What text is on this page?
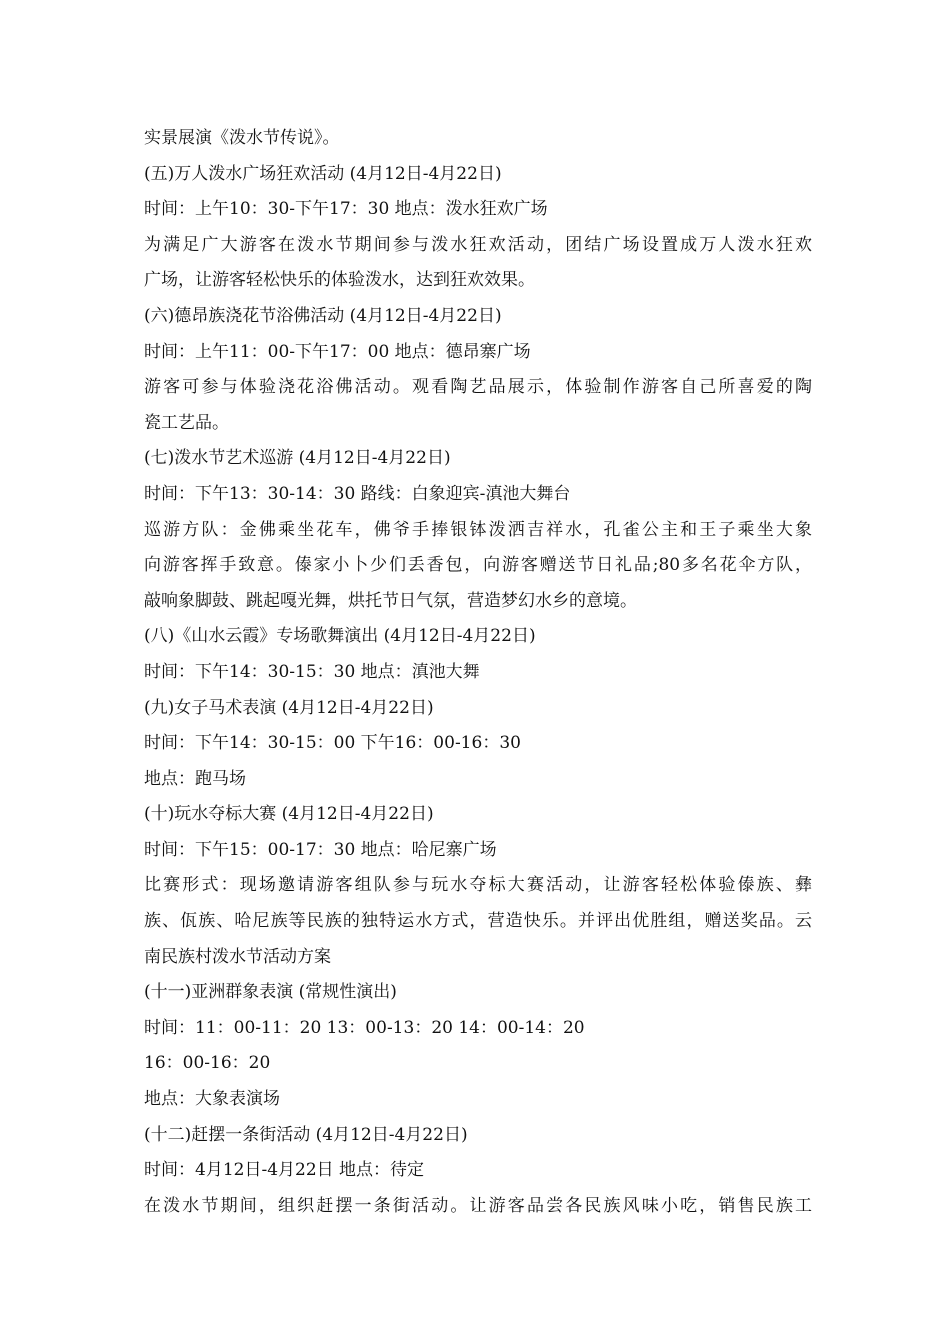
实景展演《泼水节传说》。

(五)万人泼水广场狂欢活动 (4月12日-4月22日)

时间：上午10：30-下午17：30 地点：泼水狂欢广场

为满足广大游客在泼水节期间参与泼水狂欢活动，团结广场设置成万人泼水狂欢

广场，让游客轻松快乐的体验泼水，达到狂欢效果。

(六)德昂族浇花节浴佛活动 (4月12日-4月22日)

时间：上午11：00-下午17：00 地点：德昂寨广场

游客可参与体验浇花浴佛活动。观看陶艺品展示，体验制作游客自己所喜爱的陶

瓷工艺品。

(七)泼水节艺术巡游 (4月12日-4月22日)

时间：下午13：30-14：30 路线：白象迎宾-滇池大舞台

巡游方队：金佛乘坐花车，佛爷手捧银钵泼洒吉祥水，孔雀公主和王子乘坐大象

向游客挥手致意。傣家小卜少们丢香包，向游客赠送节日礼品;80多名花伞方队，

敲响象脚鼓、跳起嘎光舞，烘托节日气氛，营造梦幻水乡的意境。

(八)《山水云霞》专场歌舞演出 (4月12日-4月22日)

时间：下午14：30-15：30 地点：滇池大舞

(九)女子马术表演 (4月12日-4月22日)

时间：下午14：30-15：00 下午16：00-16：30

地点：跑马场

(十)玩水夺标大赛 (4月12日-4月22日)

时间：下午15：00-17：30 地点：哈尼寨广场

比赛形式：现场邀请游客组队参与玩水夺标大赛活动，让游客轻松体验傣族、彝

族、佤族、哈尼族等民族的独特运水方式，营造快乐。并评出优胜组，赠送奖品。云

南民族村泼水节活动方案

(十一)亚洲群象表演 (常规性演出)

时间：11：00-11：20 13：00-13：20 14：00-14：20

16：00-16：20

地点：大象表演场

(十二)赶摆一条街活动 (4月12日-4月22日)

时间：4月12日-4月22日 地点：待定

在泼水节期间，组织赶摆一条街活动。让游客品尝各民族风味小吃，销售民族工
